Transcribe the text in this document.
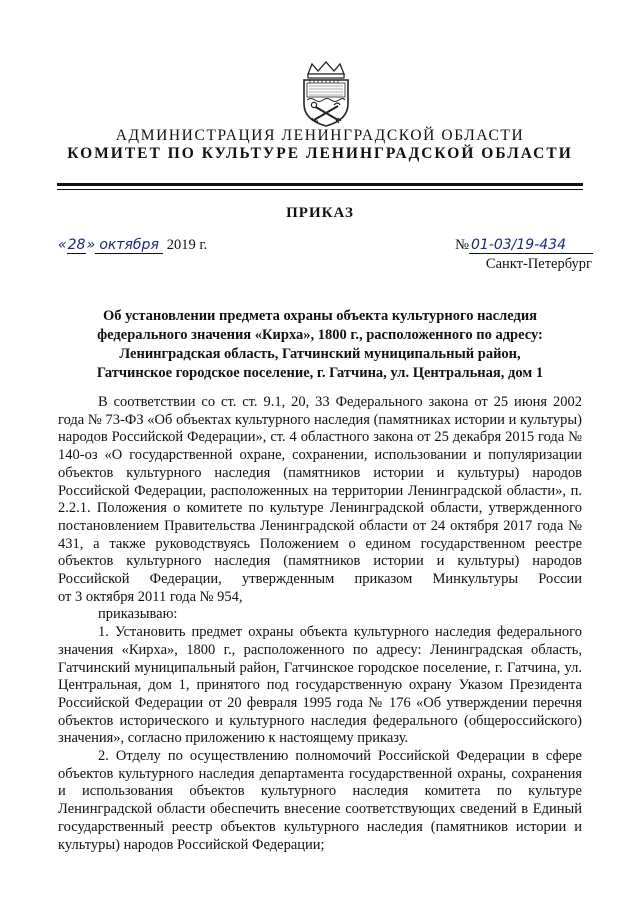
АДМИНИСТРАЦИЯ ЛЕНИНГРАДСКОЙ ОБЛАСТИ
КОМИТЕТ ПО КУЛЬТУРЕ ЛЕНИНГРАДСКОЙ ОБЛАСТИ
ПРИКАЗ
«28» октября 2019 г.	№ 01-03/19-434
Санкт-Петербург
Об установлении предмета охраны объекта культурного наследия федерального значения «Кирха», 1800 г., расположенного по адресу: Ленинградская область, Гатчинский муниципальный район, Гатчинское городское поселение, г. Гатчина, ул. Центральная, дом 1

В соответствии со ст. ст. 9.1, 20, 33 Федерального закона от 25 июня 2002 года № 73-ФЗ «Об объектах культурного наследия (памятниках истории и культуры) народов Российской Федерации», ст. 4 областного закона от 25 декабря 2015 года № 140-оз «О государственной охране, сохранении, использовании и популяризации объектов культурного наследия (памятников истории и культуры) народов Российской Федерации, расположенных на территории Ленинградской области», п. 2.2.1. Положения о комитете по культуре Ленинградской области, утвержденного постановлением Правительства Ленинградской области от 24 октября 2017 года № 431, а также руководствуясь Положением о едином государственном реестре объектов культурного наследия (памятников истории и культуры) народов Российской Федерации, утвержденным приказом Минкультуры России

от 3 октября 2011 года № 954,

приказываю:

1. Установить предмет охраны объекта культурного наследия федерального значения «Кирха», 1800 г., расположенного по адресу: Ленинградская область, Гатчинский муниципальный район, Гатчинское городское поселение, г. Гатчина, ул. Центральная, дом 1, принятого под государственную охрану Указом Президента Российской Федерации от 20 февраля 1995 года № 176 «Об утверждении перечня объектов исторического и культурного наследия федерального (общероссийского) значения», согласно приложению к настоящему приказу.

2. Отделу по осуществлению полномочий Российской Федерации в сфере объектов культурного наследия департамента государственной охраны, сохранения и использования объектов культурного наследия комитета по культуре Ленинградской области обеспечить внесение соответствующих сведений в Единый государственный реестр объектов культурного наследия (памятников истории и культуры) народов Российской Федерации;
